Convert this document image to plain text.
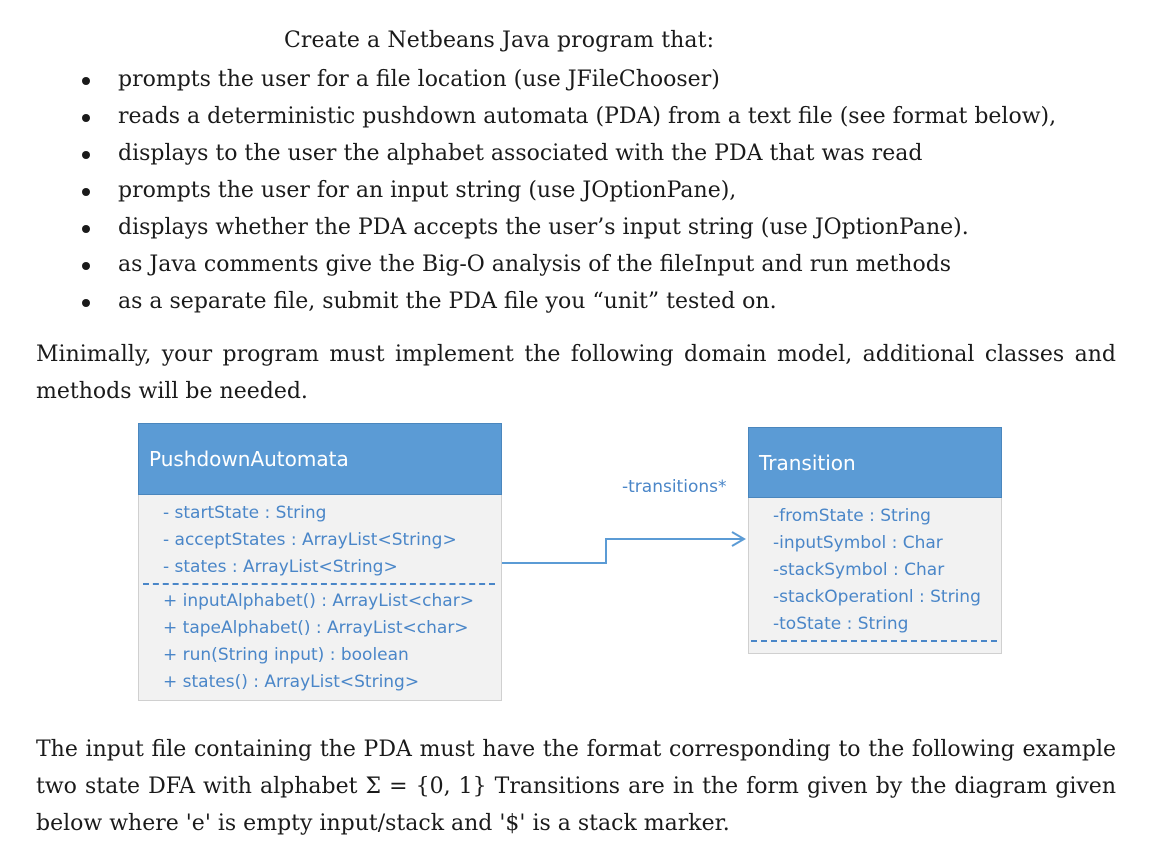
Create a Netbeans Java program that:
prompts the user for a file location (use JFileChooser)
reads a deterministic pushdown automata (PDA) from a text file (see format below),
displays to the user the alphabet associated with the PDA that was read
prompts the user for an input string (use JOptionPane),
displays whether the PDA accepts the user’s input string (use JOptionPane).
as Java comments give the Big-O analysis of the fileInput and run methods
as a separate file, submit the PDA file you “unit” tested on.

Minimally, your program must implement the following domain model, additional classes and methods will be needed.

PushdownAutomata
- startState : String
- acceptStates : ArrayList<String>
- states : ArrayList<String>
+ inputAlphabet() : ArrayList<char>
+ tapeAlphabet() : ArrayList<char>
+ run(String input) : boolean
+ states() : ArrayList<String>
-transitions*
Transition
-fromState : String
-inputSymbol : Char
-stackSymbol : Char
-stackOperationl : String
-toState : String

The input file containing the PDA must have the format corresponding to the following example two state DFA with alphabet Σ = {0, 1} Transitions are in the form given by the diagram given below where 'e' is empty input/stack and '$' is a stack marker.
